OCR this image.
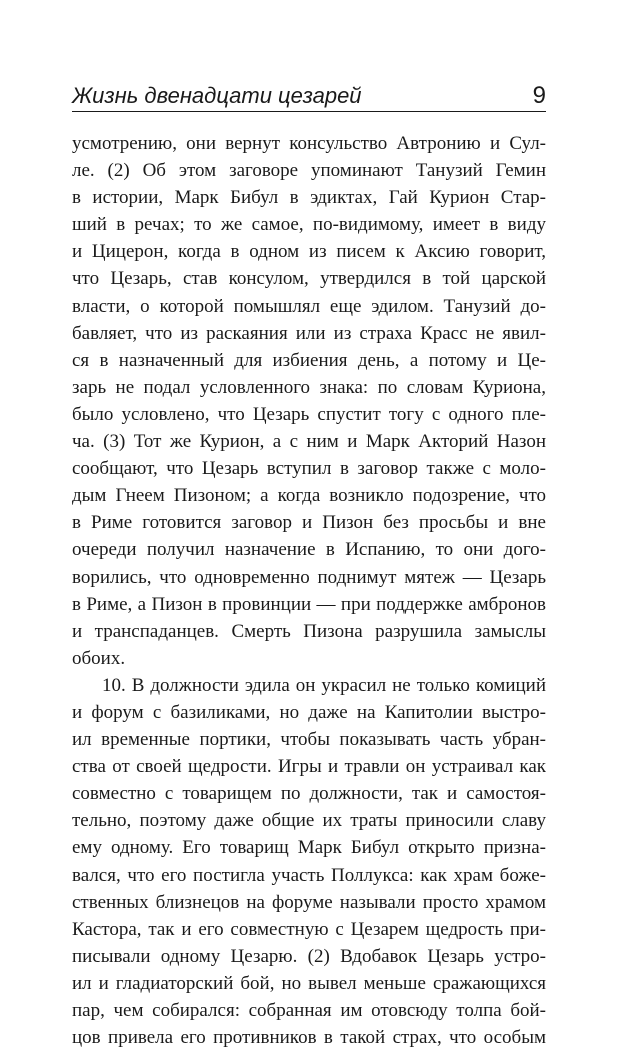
Жизнь двенадцати цезарей	9
усмотрению, они вернут консульство Автронию и Сул-
ле. (2) Об этом заговоре упоминают Танузий Гемин
в истории, Марк Бибул в эдиктах, Гай Курион Стар-
ший в речах; то же самое, по-видимому, имеет в виду
и Цицерон, когда в одном из писем к Аксию говорит,
что Цезарь, став консулом, утвердился в той царской
власти, о которой помышлял еще эдилом. Танузий до-
бавляет, что из раскаяния или из страха Красс не явил-
ся в назначенный для избиения день, а потому и Це-
зарь не подал условленного знака: по словам Куриона,
было условлено, что Цезарь спустит тогу с одного пле-
ча. (3) Тот же Курион, а с ним и Марк Акторий Назон
сообщают, что Цезарь вступил в заговор также с моло-
дым Гнеем Пизоном; а когда возникло подозрение, что
в Риме готовится заговор и Пизон без просьбы и вне
очереди получил назначение в Испанию, то они дого-
ворились, что одновременно поднимут мятеж — Цезарь
в Риме, а Пизон в провинции — при поддержке амбронов
и транспаданцев. Смерть Пизона разрушила замыслы
обоих.
10. В должности эдила он украсил не только комиций
и форум с базиликами, но даже на Капитолии выстро-
ил временные портики, чтобы показывать часть убран-
ства от своей щедрости. Игры и травли он устраивал как
совместно с товарищем по должности, так и самостоя-
тельно, поэтому даже общие их траты приносили славу
ему одному. Его товарищ Марк Бибул открыто призна-
вался, что его постигла участь Поллукса: как храм боже-
ственных близнецов на форуме называли просто храмом
Кастора, так и его совместную с Цезарем щедрость при-
писывали одному Цезарю. (2) Вдобавок Цезарь устро-
ил и гладиаторский бой, но вывел меньше сражающихся
пар, чем собирался: собранная им отовсюду толпа бой-
цов привела его противников в такой страх, что особым
